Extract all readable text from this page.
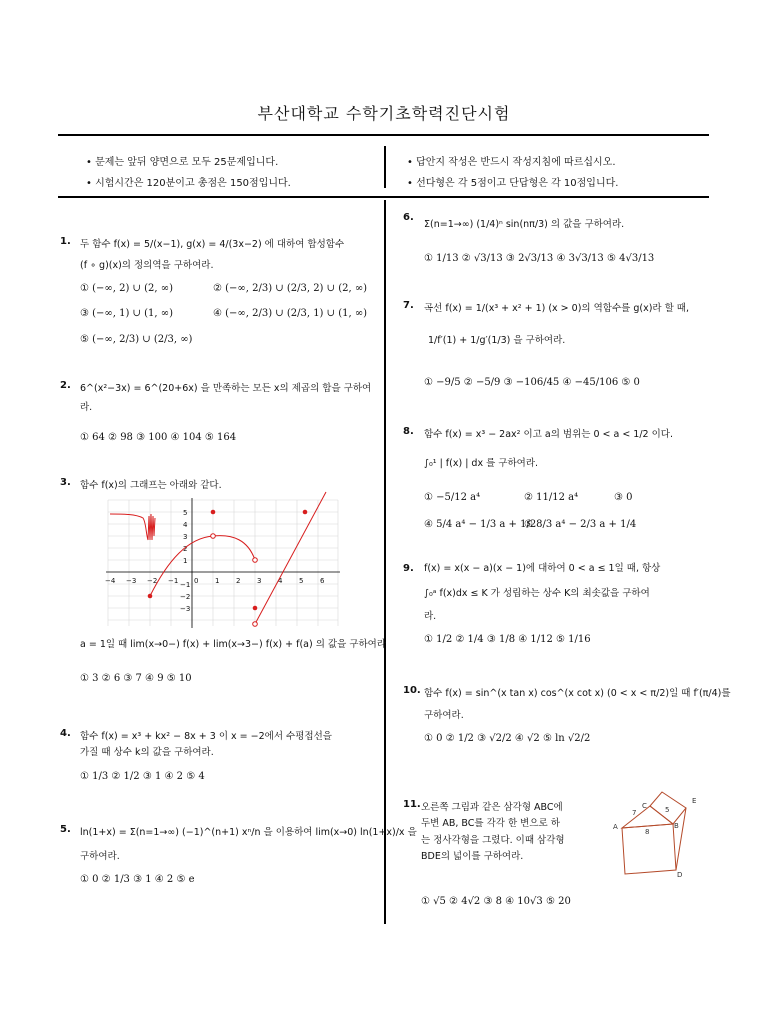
부산대학교 수학기초학력진단시험
• 문제는 앞뒤 양면으로 모두 25문제입니다.
• 시험시간은 120분이고 총점은 150점입니다.
• 답안지 작성은 반드시 작성지침에 따르십시오.
• 선다형은 각 5점이고 단답형은 각 10점입니다.
1. 두 함수 f(x) = 5/(x−1), g(x) = 4/(3x−2) 에 대하여 합성함수
(f ∘ g)(x)의 정의역을 구하여라.
① (−∞, 2) ∪ (2, ∞)	② (−∞, 2/3) ∪ (2/3, 2) ∪ (2, ∞)
③ (−∞, 1) ∪ (1, ∞)	④ (−∞, 2/3) ∪ (2/3, 1) ∪ (1, ∞)
⑤ (−∞, 2/3) ∪ (2/3, ∞)
2. 6^(x²−3x) = 6^(20+6x) 을 만족하는 모든 x의 제곱의 합을 구하여
라.
① 64 ② 98 ③ 100 ④ 104 ⑤ 164
3. 함수 f(x)의 그래프는 아래와 같다.
−4 −3 −2 −1 0 1 2 3 4 5 6
5
4
3
2
1
−1
−2
−3
a = 1일 때 lim(x→0−) f(x) + lim(x→3−) f(x) + f(a) 의 값을 구하여라
① 3 ② 6 ③ 7 ④ 9 ⑤ 10
4. 함수 f(x) = x³ + kx² − 8x + 3 이 x = −2에서 수평접선을
가질 때 상수 k의 값을 구하여라.
① 1/3 ② 1/2 ③ 1 ④ 2 ⑤ 4
5. ln(1+x) = Σ(n=1→∞) (−1)^(n+1) xⁿ/n 을 이용하여 lim(x→0) ln(1+x)/x 을
구하여라.
① 0 ② 1/3 ③ 1 ④ 2 ⑤ e
6.
Σ(n=1→∞) (1/4)ⁿ sin(nπ/3) 의 값을 구하여라.
① 1/13 ② √3/13 ③ 2√3/13 ④ 3√3/13 ⑤ 4√3/13
7. 곡선 f(x) = 1/(x³ + x² + 1) (x > 0)의 역함수를 g(x)라 할 때,
1/f′(1) + 1/g′(1/3) 을 구하여라.
① −9/5 ② −5/9 ③ −106/45 ④ −45/106 ⑤ 0
8. 함수 f(x) = x³ − 2ax² 이고 a의 범위는 0 < a < 1/2 이다.
∫₀¹ | f(x) | dx 를 구하여라.
① −5/12 a⁴	② 11/12 a⁴	③ 0
④ 5/4 a⁴ − 1/3 a + 1/2
⑤ 8/3 a⁴ − 2/3 a + 1/4
9. f(x) = x(x − a)(x − 1)에 대하여 0 < a ≤ 1일 때, 항상
∫₀ᵃ f(x)dx ≤ K 가 성립하는 상수 K의 최솟값을 구하여
라.
① 1/2 ② 1/4 ③ 1/8 ④ 1/12 ⑤ 1/16
10. 함수 f(x) = sin^(x tan x) cos^(x cot x) (0 < x < π/2)일 때 f′(π/4)를
구하여라.
① 0 ② 1/2 ③ √2/2 ④ √2 ⑤ ln √2/2
11. 오른쪽 그림과 같은 삼각형 ABC에
두변 AB, BC를 각각 한 변으로 하
는 정사각형을 그렸다. 이때 삼각형
BDE의 넓이를 구하여라.
A	B
C
D
E
7	5
8
① √5 ② 4√2 ③ 8 ④ 10√3 ⑤ 20
